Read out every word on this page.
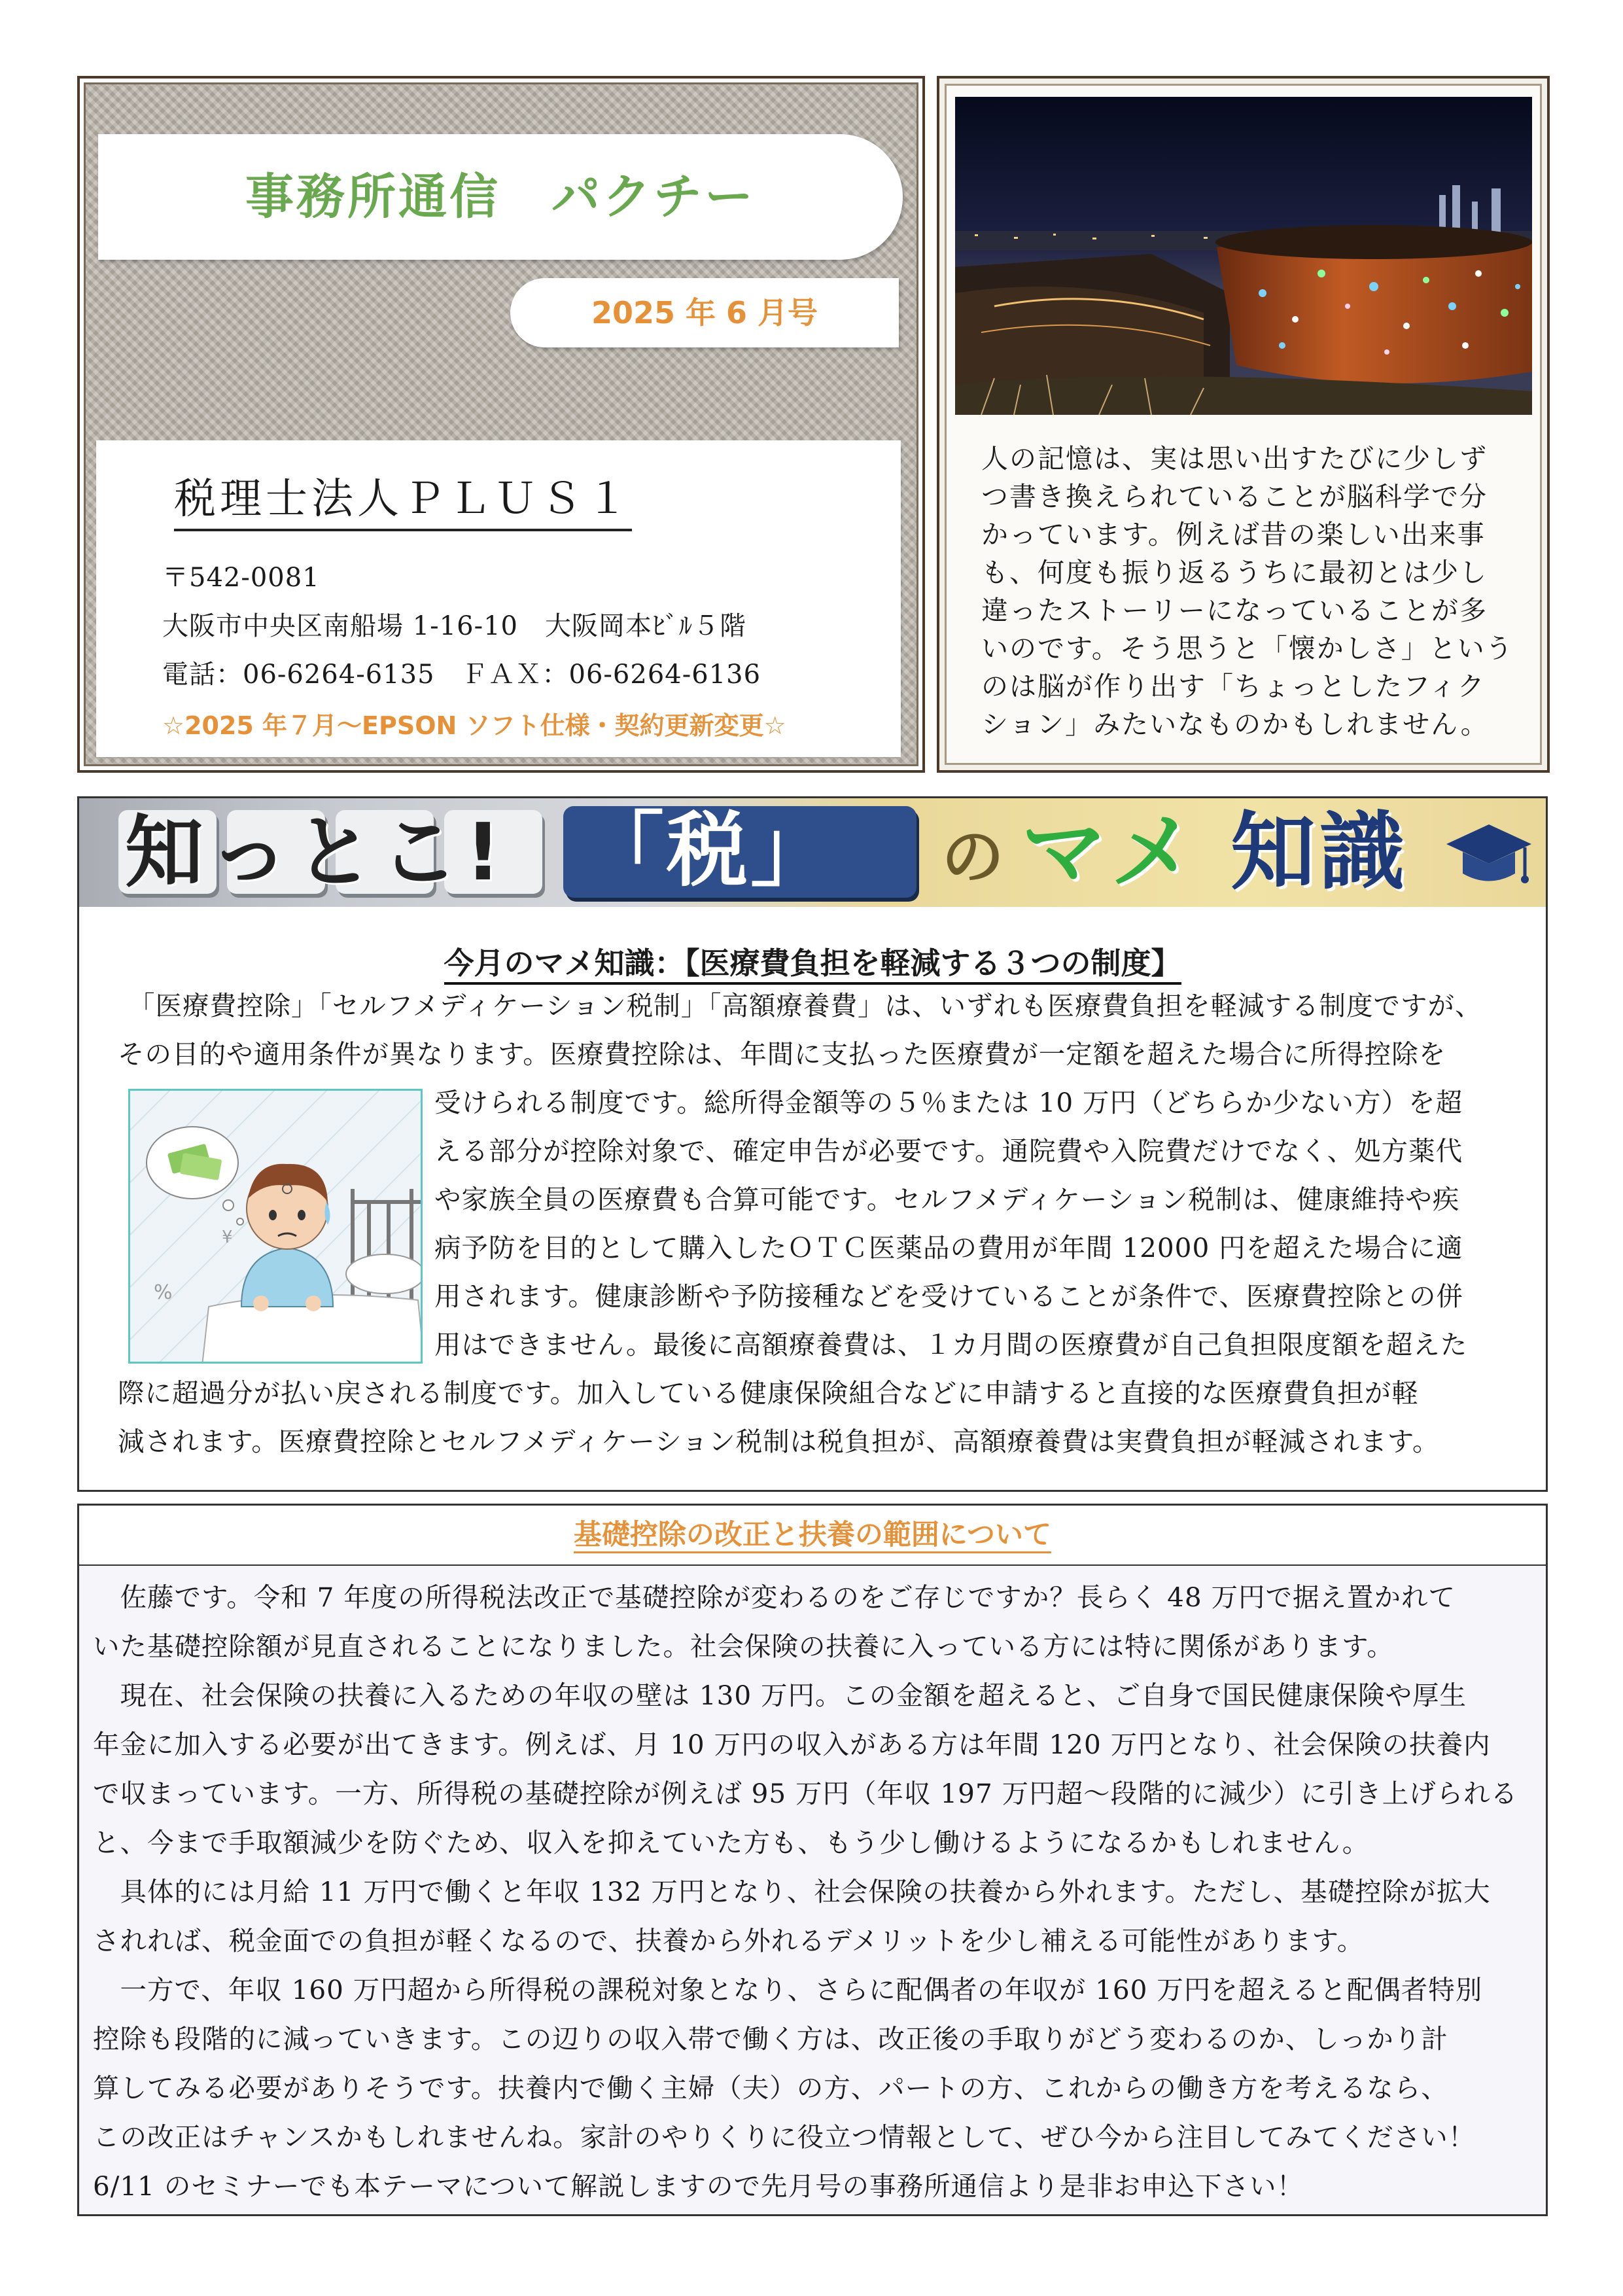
事務所通信　パクチー
2025 年 6 月号
税理士法人ＰＬＵＳ１
〒542-0081
大阪市中央区南船場 1-16-10　大阪岡本ﾋﾞﾙ５階
電話：06-6264-6135　ＦＡＸ：06-6264-6136
☆2025 年７月～EPSON ソフト仕様・契約更新変更☆
人の記憶は、実は思い出すたびに少しず
つ書き換えられていることが脳科学で分
かっています。例えば昔の楽しい出来事
も、何度も振り返るうちに最初とは少し
違ったストーリーになっていることが多
いのです。そう思うと「懐かしさ」という
のは脳が作り出す「ちょっとしたフィク
ション」みたいなものかもしれません。
知っとこ! 「税」 の マメ 知識
今月のマメ知識：【医療費負担を軽減する３つの制度】
「医療費控除」「セルフメディケーション税制」「高額療養費」は、いずれも医療費負担を軽減する制度ですが、
その目的や適用条件が異なります。医療費控除は、年間に支払った医療費が一定額を超えた場合に所得控除を
受けられる制度です。総所得金額等の５％または 10 万円（どちらか少ない方）を超
える部分が控除対象で、確定申告が必要です。通院費や入院費だけでなく、処方薬代
や家族全員の医療費も合算可能です。セルフメディケーション税制は、健康維持や疾
病予防を目的として購入したＯＴＣ医薬品の費用が年間 12000 円を超えた場合に適
用されます。健康診断や予防接種などを受けていることが条件で、医療費控除との併
用はできません。最後に高額療養費は、１カ月間の医療費が自己負担限度額を超えた
際に超過分が払い戻される制度です。加入している健康保険組合などに申請すると直接的な医療費負担が軽
減されます。医療費控除とセルフメディケーション税制は税負担が、高額療養費は実費負担が軽減されます。
¥
%
基礎控除の改正と扶養の範囲について
　佐藤です。令和 7 年度の所得税法改正で基礎控除が変わるのをご存じですか？長らく 48 万円で据え置かれて
いた基礎控除額が見直されることになりました。社会保険の扶養に入っている方には特に関係があります。
　現在、社会保険の扶養に入るための年収の壁は 130 万円。この金額を超えると、ご自身で国民健康保険や厚生
年金に加入する必要が出てきます。例えば、月 10 万円の収入がある方は年間 120 万円となり、社会保険の扶養内
で収まっています。一方、所得税の基礎控除が例えば 95 万円（年収 197 万円超～段階的に減少）に引き上げられる
と、今まで手取額減少を防ぐため、収入を抑えていた方も、もう少し働けるようになるかもしれません。
　具体的には月給 11 万円で働くと年収 132 万円となり、社会保険の扶養から外れます。ただし、基礎控除が拡大
されれば、税金面での負担が軽くなるので、扶養から外れるデメリットを少し補える可能性があります。
　一方で、年収 160 万円超から所得税の課税対象となり、さらに配偶者の年収が 160 万円を超えると配偶者特別
控除も段階的に減っていきます。この辺りの収入帯で働く方は、改正後の手取りがどう変わるのか、しっかり計
算してみる必要がありそうです。扶養内で働く主婦（夫）の方、パートの方、これからの働き方を考えるなら、
この改正はチャンスかもしれませんね。家計のやりくりに役立つ情報として、ぜひ今から注目してみてください！
6/11 のセミナーでも本テーマについて解説しますので先月号の事務所通信より是非お申込下さい！
